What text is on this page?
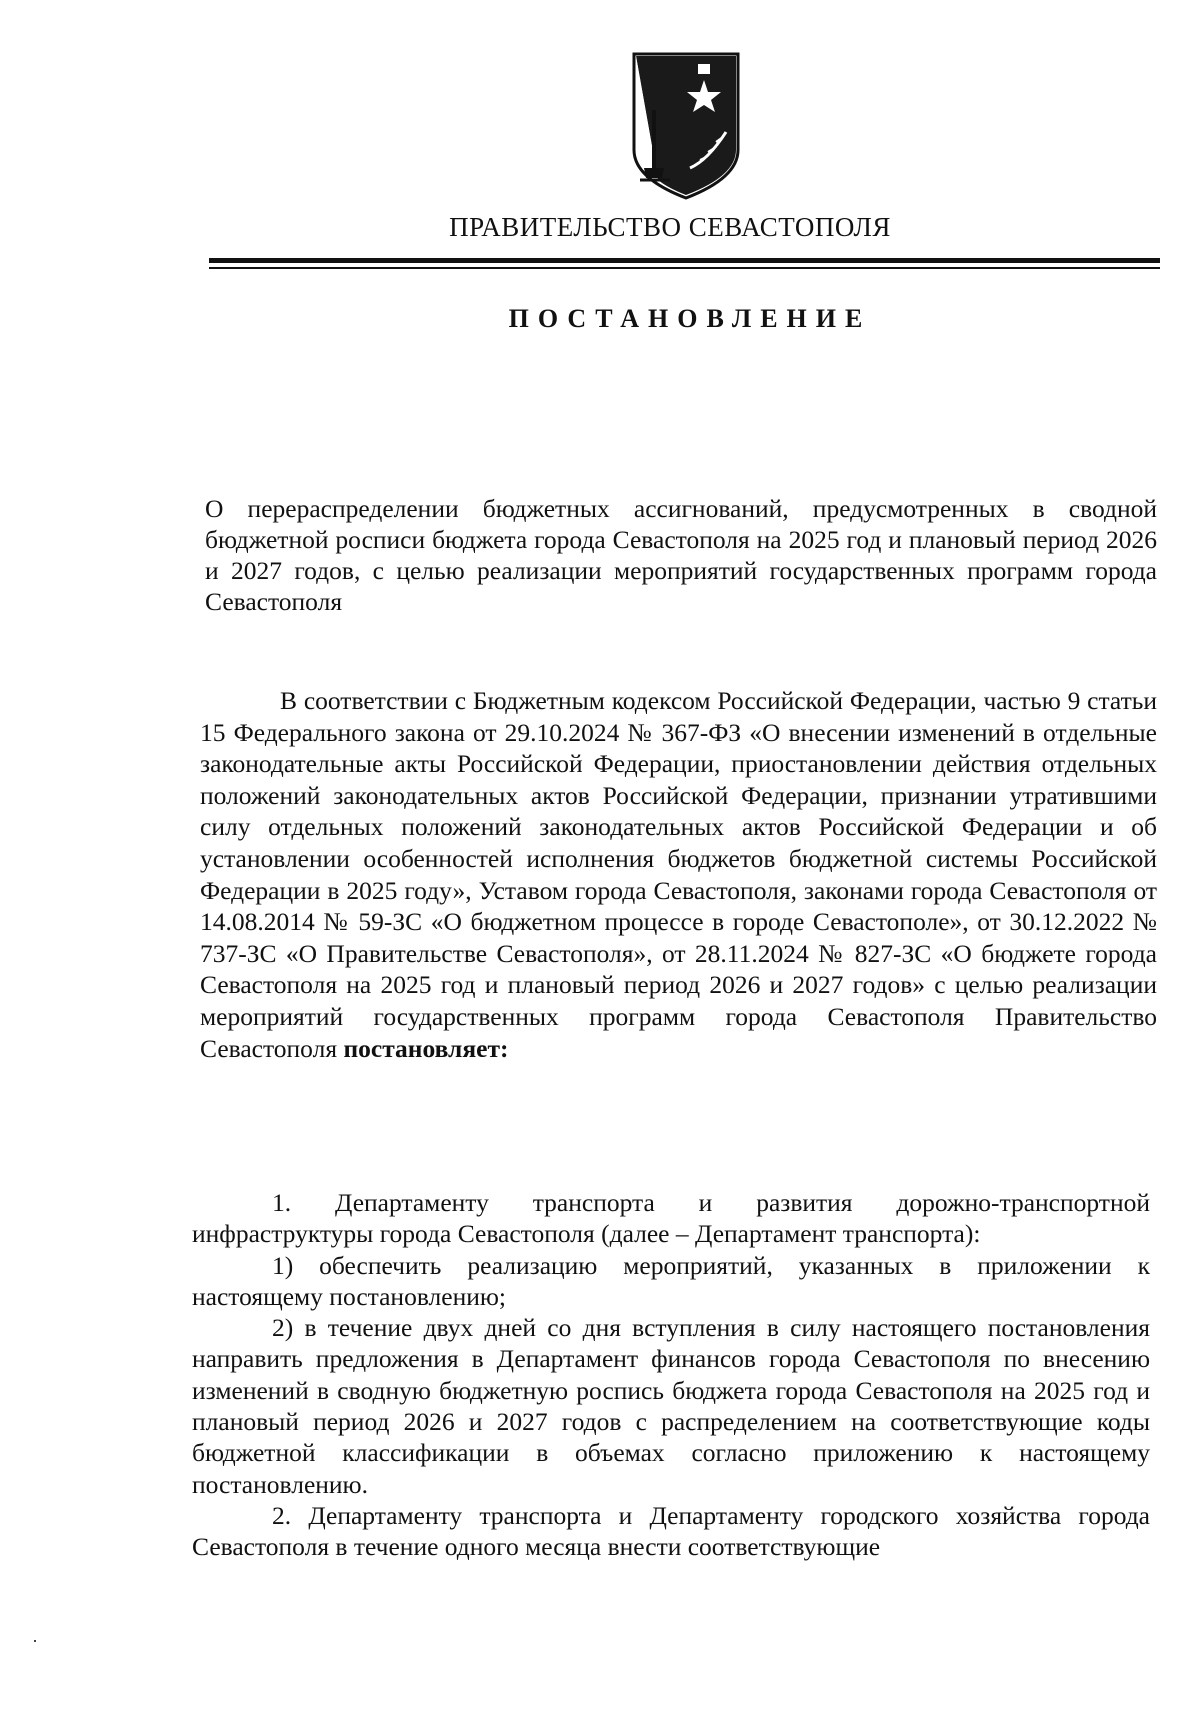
ПРАВИТЕЛЬСТВО СЕВАСТОПОЛЯ
ПОСТАНОВЛЕНИЕ
О перераспределении бюджетных ассигнований, предусмотренных в сводной бюджетной росписи бюджета города Севастополя на 2025 год и плановый период 2026 и 2027 годов, с целью реализации мероприятий государственных программ города Севастополя

В соответствии с Бюджетным кодексом Российской Федерации, частью 9 статьи 15 Федерального закона от 29.10.2024 № 367-ФЗ «О внесении изменений в отдельные законодательные акты Российской Федерации, приостановлении действия отдельных положений законодательных актов Российской Федерации, признании утратившими силу отдельных положений законодательных актов Российской Федерации и об установлении особенностей исполнения бюджетов бюджетной системы Российской Федерации в 2025 году», Уставом города Севастополя, законами города Севастополя от 14.08.2014 № 59-ЗС «О бюджетном процессе в городе Севастополе», от 30.12.2022 № 737-ЗС «О Правительстве Севастополя», от 28.11.2024 № 827-ЗС «О бюджете города Севастополя на 2025 год и плановый период 2026 и 2027 годов» с целью реализации мероприятий государственных программ города Севастополя Правительство Севастополя постановляет:

1. Департаменту транспорта и развития дорожно-транспортной инфраструктуры города Севастополя (далее – Департамент транспорта):

1) обеспечить реализацию мероприятий, указанных в приложении к настоящему постановлению;

2) в течение двух дней со дня вступления в силу настоящего постановления направить предложения в Департамент финансов города Севастополя по внесению изменений в сводную бюджетную роспись бюджета города Севастополя на 2025 год и плановый период 2026 и 2027 годов с распределением на соответствующие коды бюджетной классификации в объемах согласно приложению к настоящему постановлению.

2. Департаменту транспорта и Департаменту городского хозяйства города Севастополя в течение одного месяца внести соответствующие
